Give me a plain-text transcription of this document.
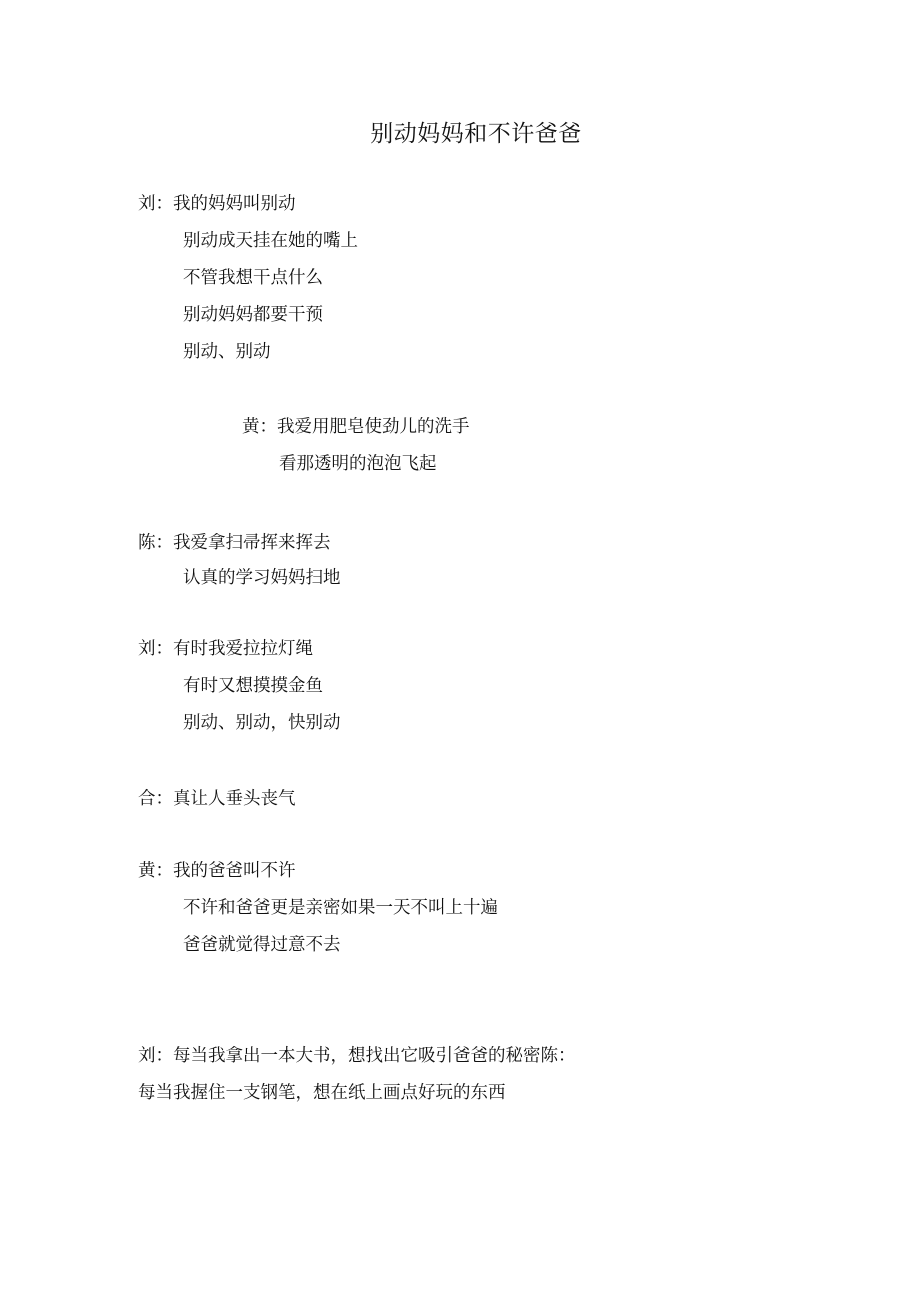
别动妈妈和不许爸爸

刘：我的妈妈叫别动

别动成天挂在她的嘴上

不管我想干点什么

别动妈妈都要干预

别动、别动

黄：我爱用肥皂使劲儿的洗手

看那透明的泡泡飞起

陈：我爱拿扫帚挥来挥去

认真的学习妈妈扫地

刘：有时我爱拉拉灯绳

有时又想摸摸金鱼

别动、别动，快别动

合：真让人垂头丧气

黄：我的爸爸叫不许

不许和爸爸更是亲密如果一天不叫上十遍

爸爸就觉得过意不去

刘：每当我拿出一本大书，想找出它吸引爸爸的秘密陈：

每当我握住一支钢笔，想在纸上画点好玩的东西
